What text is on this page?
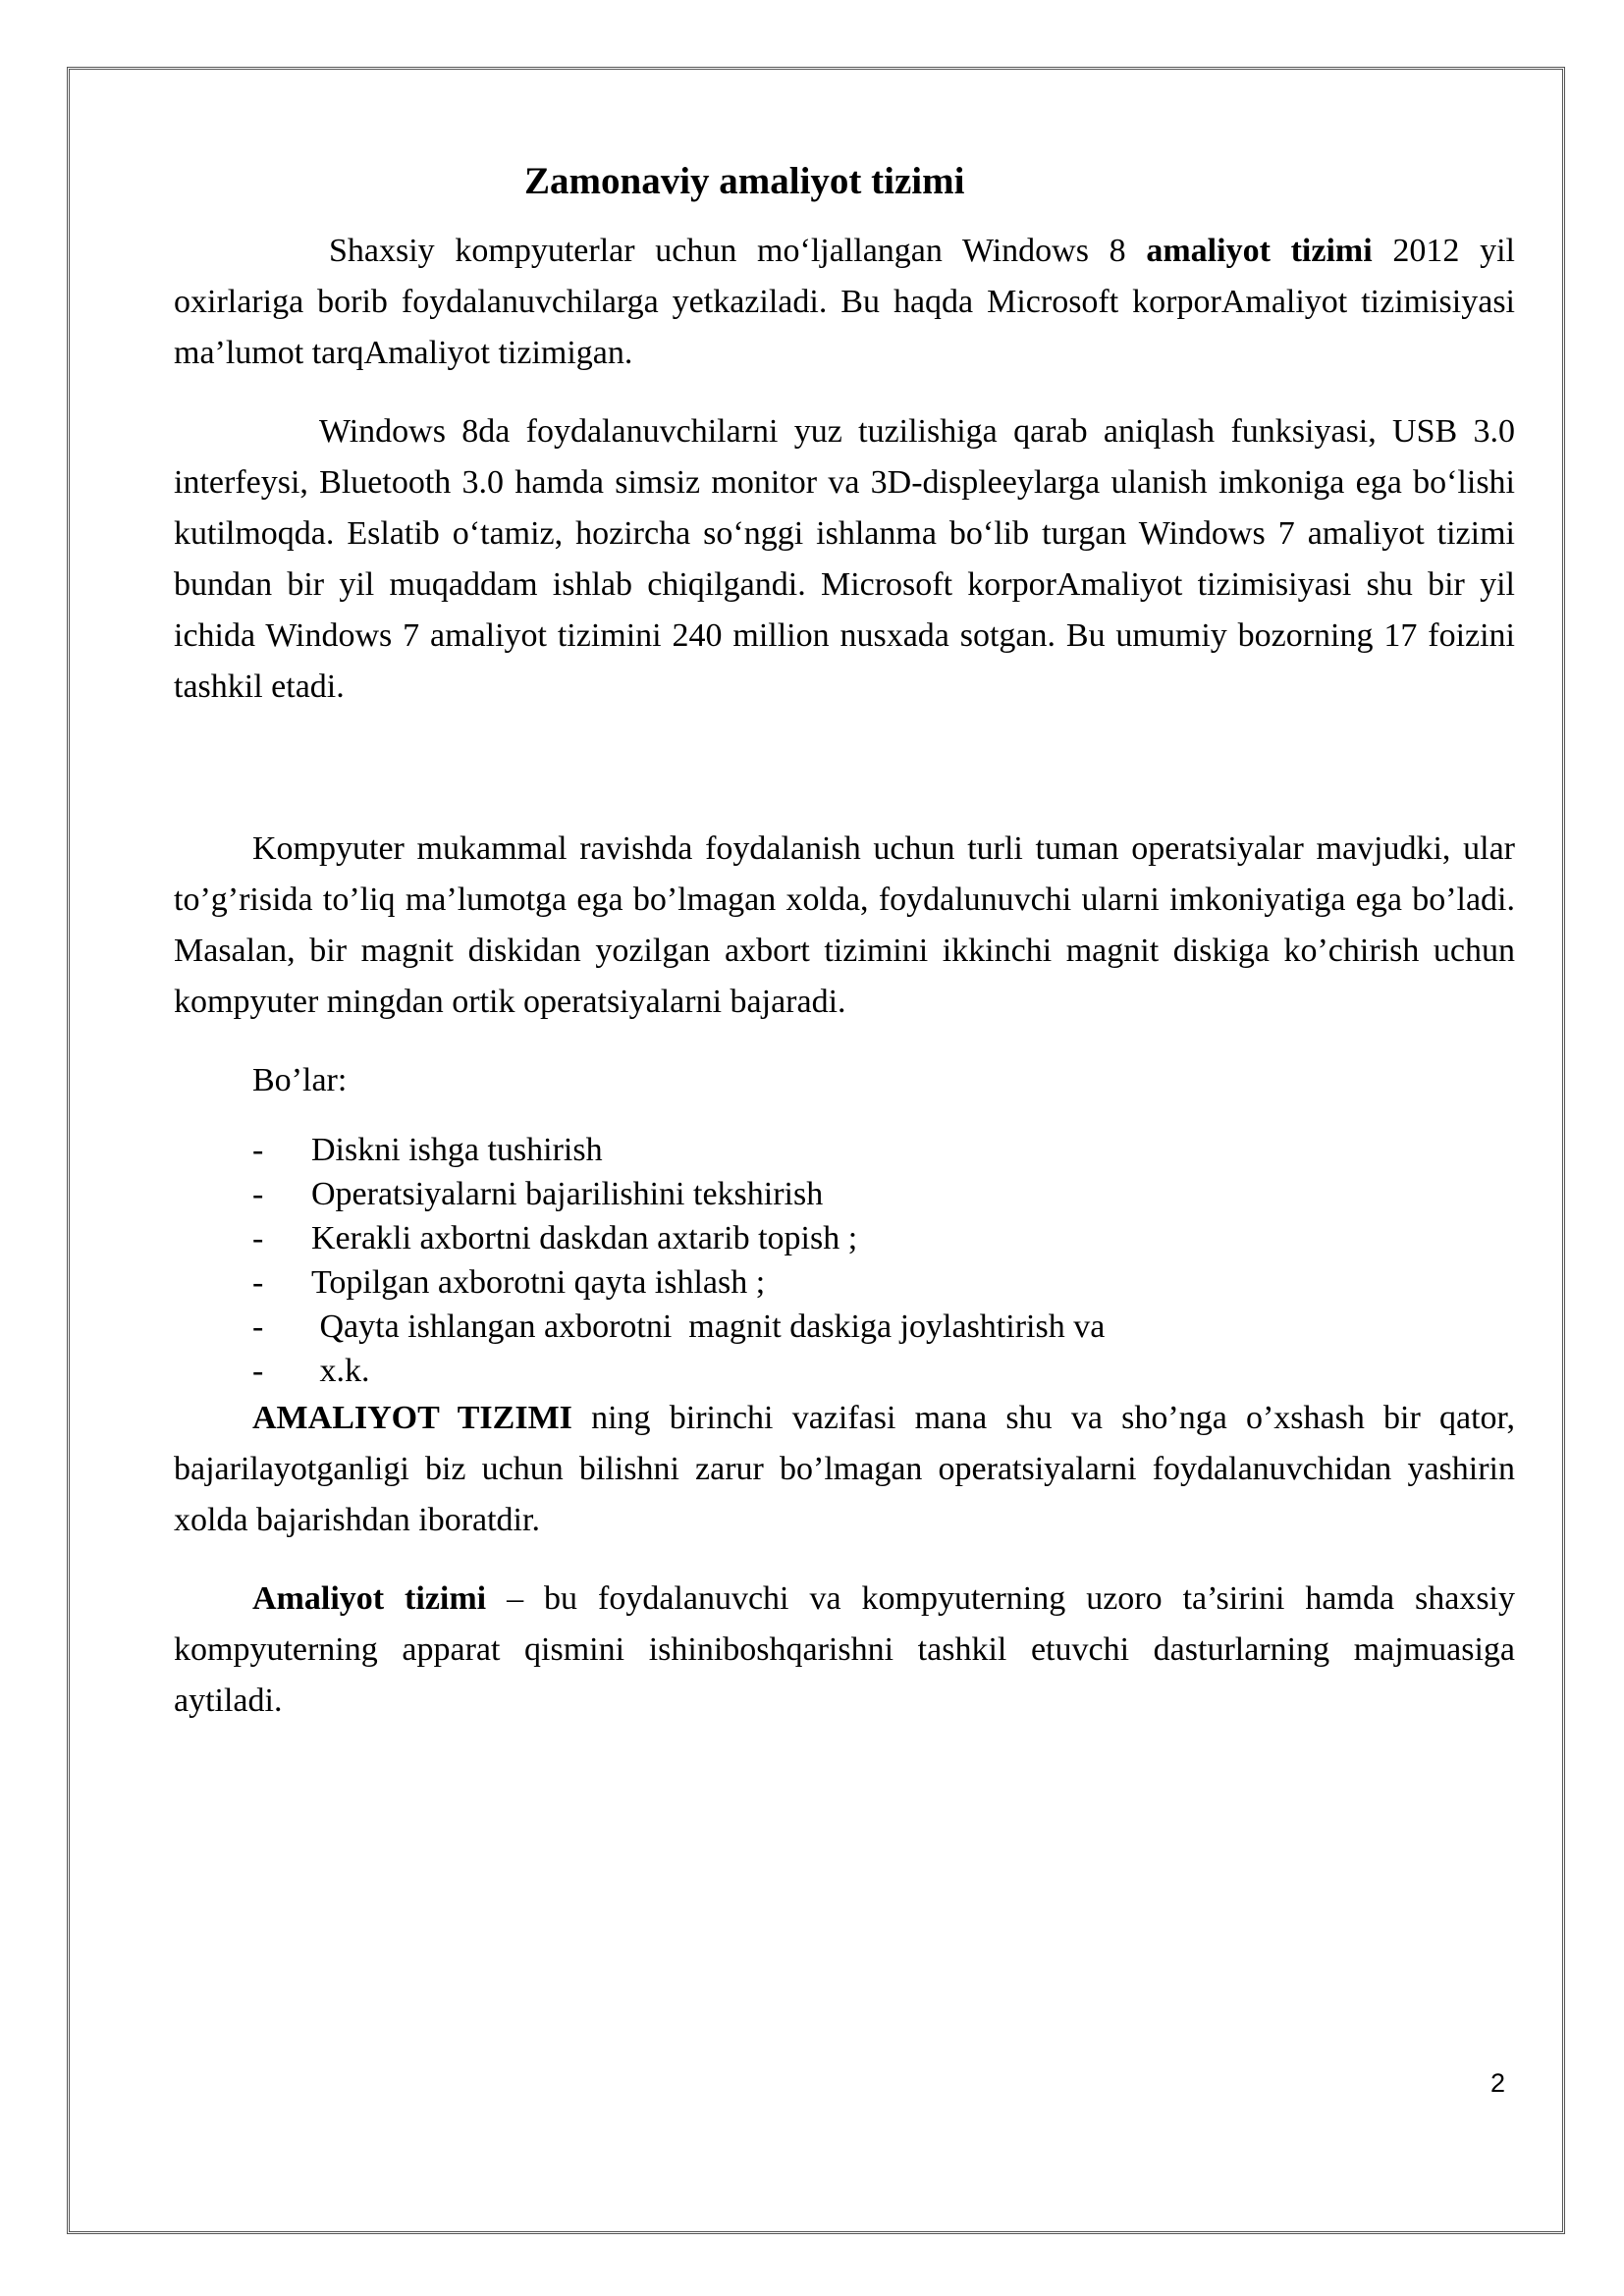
Zamonaviy amaliyot tizimi

Shaxsiy kompyuterlar uchun mo‘ljallangan Windows 8 amaliyot tizimi 2012 yil oxirlariga borib foydalanuvchilarga yetkaziladi. Bu haqda Microsoft korporAmaliyot tizimisiyasi ma’lumot tarqAmaliyot tizimigan.

Windows 8da foydalanuvchilarni yuz tuzilishiga qarab aniqlash funksiyasi, USB 3.0 interfeysi, Bluetooth 3.0 hamda simsiz monitor va 3D-displeeylarga ulanish imkoniga ega bo‘lishi kutilmoqda. Eslatib o‘tamiz, hozircha so‘nggi ishlanma bo‘lib turgan Windows 7 amaliyot tizimi bundan bir yil muqaddam ishlab chiqilgandi. Microsoft korporAmaliyot tizimisiyasi shu bir yil ichida Windows 7 amaliyot tizimini 240 million nusxada sotgan. Bu umumiy bozorning 17 foizini tashkil etadi.

Kompyuter mukammal ravishda foydalanish uchun turli tuman operatsiyalar mavjudki, ular to’g’risida to’liq ma’lumotga ega bo’lmagan xolda, foydalunuvchi ularni imkoniyatiga ega bo’ladi. Masalan, bir magnit diskidan yozilgan axbort tizimini ikkinchi magnit diskiga ko’chirish uchun kompyuter mingdan ortik operatsiyalarni bajaradi.

Bo’lar:

-	Diskni ishga tushirish
-	Operatsiyalarni bajarilishini tekshirish
-	Kerakli axbortni daskdan axtarib topish ;
-	Topilgan axborotni qayta ishlash ;
-	Qayta ishlangan axborotni  magnit daskiga joylashtirish va
-	x.k.

AMALIYOT TIZIMI ning birinchi vazifasi mana shu va sho’nga o’xshash bir qator, bajarilayotganligi biz uchun bilishni zarur bo’lmagan operatsiyalarni foydalanuvchidan yashirin xolda bajarishdan iboratdir.

Amaliyot tizimi – bu foydalanuvchi va kompyuterning uzoro ta’sirini hamda shaxsiy kompyuterning apparat qismini ishiniboshqarishni tashkil etuvchi dasturlarning majmuasiga aytiladi.

2
